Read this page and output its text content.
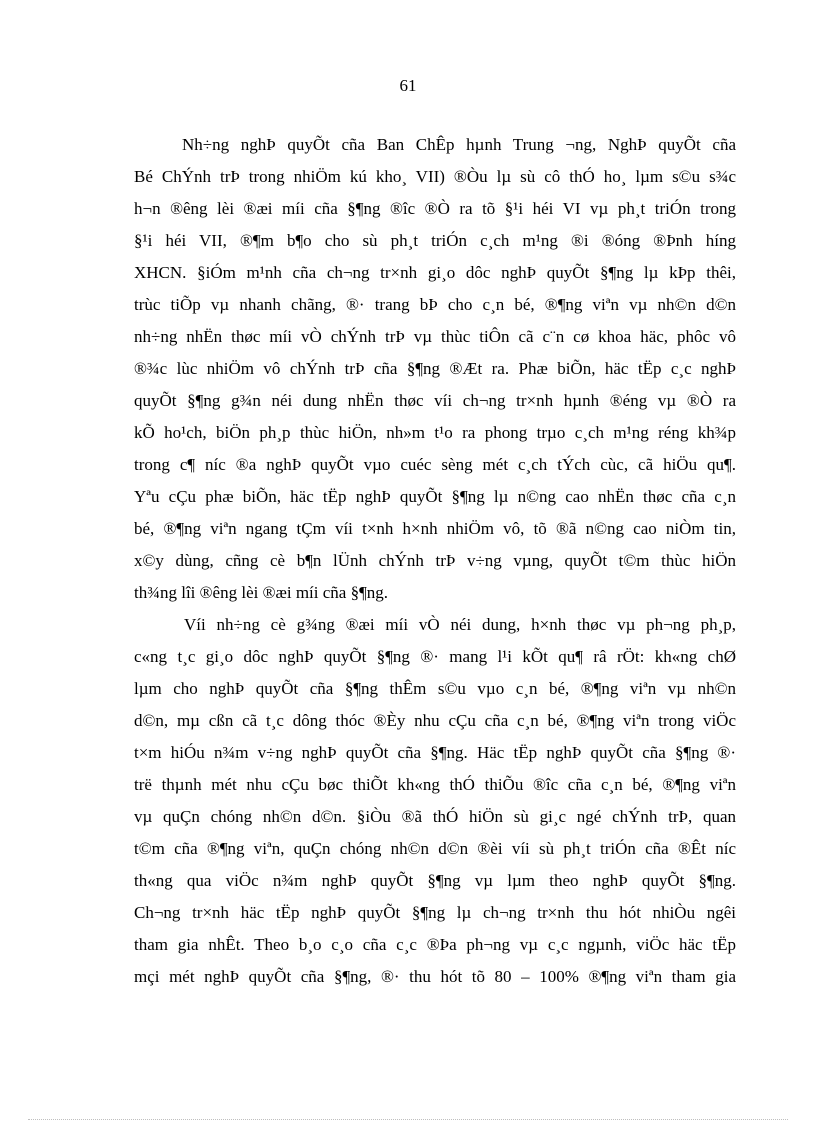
61
Nh÷ng nghÞ quyÕt cña Ban ChÊp hµnh Trung ¬ng, NghÞ quyÕt cña
Bé ChÝnh trÞ trong nhiÖm kú kho¸ VII) ®Òu lµ sù cô thÓ ho¸ lµm s©u s¾c
h¬n ®êng lèi ®æi míi cña §¶ng ®îc ®Ò ra tõ §¹i héi VI vµ ph¸t triÓn trong
§¹i héi VII, ®¶m b¶o cho sù ph¸t triÓn c¸ch m¹ng ®i ®óng ®Þnh híng
XHCN. §iÓm m¹nh cña ch¬ng tr×nh gi¸o dôc nghÞ quyÕt §¶ng lµ kÞp thêi,
trùc tiÕp vµ nhanh chãng, ®· trang bÞ cho c¸n bé, ®¶ng viªn vµ nh©n d©n
nh÷ng nhËn thøc míi vÒ chÝnh trÞ vµ thùc tiÔn cã c¨n cø khoa häc, phôc vô
®¾c lùc nhiÖm vô chÝnh trÞ cña §¶ng ®Æt ra. Phæ biÕn, häc tËp c¸c nghÞ
quyÕt §¶ng g¾n néi dung nhËn thøc víi ch¬ng tr×nh hµnh ®éng vµ ®Ò ra
kÕ ho¹ch, biÖn ph¸p thùc hiÖn, nh»m t¹o ra phong trµo c¸ch m¹ng réng kh¾p
trong c¶ níc ®a nghÞ quyÕt vµo cuéc sèng mét c¸ch tÝch cùc, cã hiÖu qu¶.
Yªu cÇu phæ biÕn, häc tËp nghÞ quyÕt §¶ng lµ n©ng cao nhËn thøc cña c¸n
bé, ®¶ng viªn ngang tÇm víi t×nh h×nh nhiÖm vô, tõ ®ã n©ng cao niÒm tin,
x©y dùng, cñng cè b¶n lÜnh chÝnh trÞ v÷ng vµng, quyÕt t©m thùc hiÖn
th¾ng lîi ®êng lèi ®æi míi cña §¶ng.
Víi nh÷ng cè g¾ng ®æi míi vÒ néi dung, h×nh thøc vµ ph¬ng ph¸p,
c«ng t¸c gi¸o dôc nghÞ quyÕt §¶ng ®· mang l¹i kÕt qu¶ râ rÖt: kh«ng chØ
lµm cho nghÞ quyÕt cña §¶ng thÊm s©u vµo c¸n bé, ®¶ng viªn vµ nh©n
d©n, mµ cßn cã t¸c dông thóc ®Èy nhu cÇu cña c¸n bé, ®¶ng viªn trong viÖc
t×m hiÓu n¾m v÷ng nghÞ quyÕt cña §¶ng. Häc tËp nghÞ quyÕt cña §¶ng ®·
trë thµnh mét nhu cÇu bøc thiÕt kh«ng thÓ thiÕu ®îc cña c¸n bé, ®¶ng viªn
vµ quÇn chóng nh©n d©n. §iÒu ®ã thÓ hiÖn sù gi¸c ngé chÝnh trÞ, quan
t©m cña ®¶ng viªn, quÇn chóng nh©n d©n ®èi víi sù ph¸t triÓn cña ®Êt níc
th«ng qua viÖc n¾m nghÞ quyÕt §¶ng vµ lµm theo nghÞ quyÕt §¶ng.
Ch¬ng tr×nh häc tËp nghÞ quyÕt §¶ng lµ ch¬ng tr×nh thu hót nhiÒu ngêi
tham gia nhÊt. Theo b¸o c¸o cña c¸c ®Þa ph¬ng vµ c¸c ngµnh, viÖc häc tËp
mçi mét nghÞ quyÕt cña §¶ng, ®· thu hót tõ 80 – 100% ®¶ng viªn tham gia
